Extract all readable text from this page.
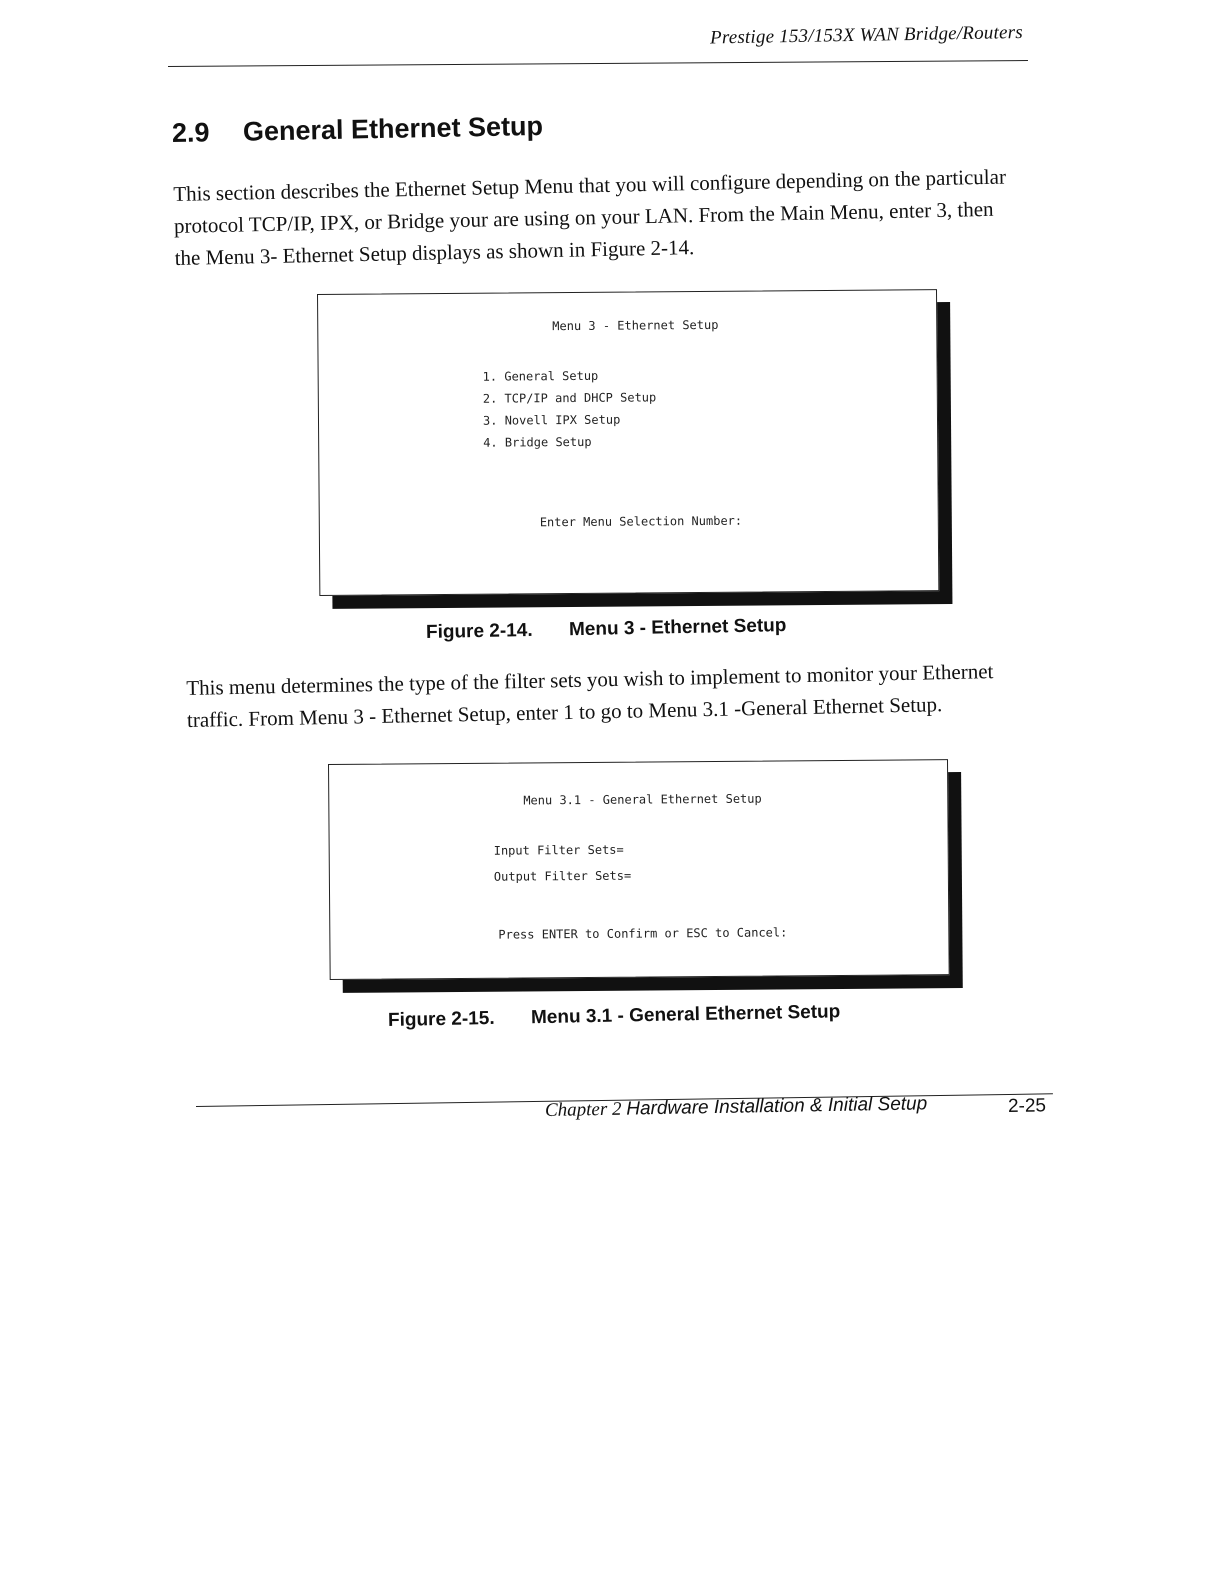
Prestige 153/153X WAN Bridge/Routers
2.9 General Ethernet Setup
This section describes the Ethernet Setup Menu that you will configure depending on the particular protocol TCP/IP, IPX, or Bridge your are using on your LAN. From the Main Menu, enter 3, then the Menu 3- Ethernet Setup displays as shown in Figure 2-14.
Menu 3 - Ethernet Setup
1. General Setup
2. TCP/IP and DHCP Setup
3. Novell IPX Setup
4. Bridge Setup
Enter Menu Selection Number:
Figure 2-14. Menu 3 - Ethernet Setup
This menu determines the type of the filter sets you wish to implement to monitor your Ethernet traffic. From Menu 3 - Ethernet Setup, enter 1 to go to Menu 3.1 -General Ethernet Setup.
Menu 3.1 - General Ethernet Setup
Input Filter Sets=
Output Filter Sets=
Press ENTER to Confirm or ESC to Cancel:
Figure 2-15. Menu 3.1 - General Ethernet Setup
Chapter 2 Hardware Installation & Initial Setup	2-25
